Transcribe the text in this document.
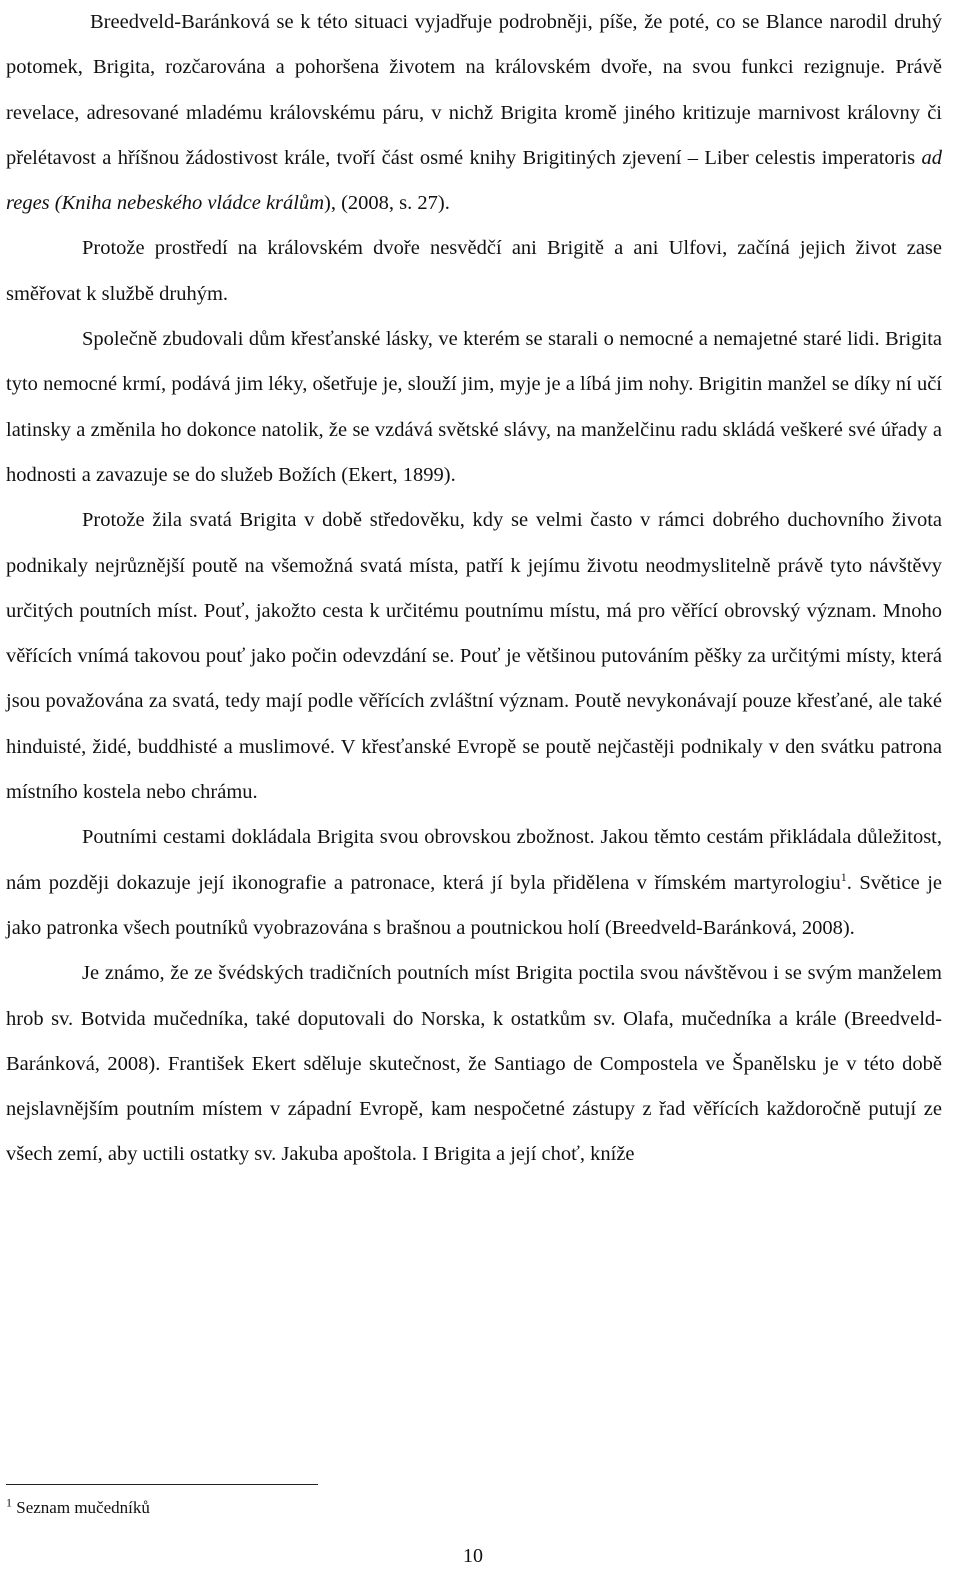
Breedveld-Baránková se k této situaci vyjadřuje podrobněji, píše, že poté, co se Blance narodil druhý potomek, Brigita, rozčarována a pohoršena životem na královském dvoře, na svou funkci rezignuje. Právě revelace, adresované mladému královskému páru, v nichž Brigita kromě jiného kritizuje marnivost královny či přelétavost a hříšnou žádostivost krále, tvoří část osmé knihy Brigitiných zjevení – Liber celestis imperatoris ad reges (Kniha nebeského vládce králům), (2008, s. 27).

Protože prostředí na královském dvoře nesvědčí ani Brigitě a ani Ulfovi, začíná jejich život zase směřovat k službě druhým.

Společně zbudovali dům křesťanské lásky, ve kterém se starali o nemocné a nemajetné staré lidi. Brigita tyto nemocné krmí, podává jim léky, ošetřuje je, slouží jim, myje je a líbá jim nohy. Brigitin manžel se díky ní učí latinsky a změnila ho dokonce natolik, že se vzdává světské slávy, na manželčinu radu skládá veškeré své úřady a hodnosti a zavazuje se do služeb Božích (Ekert, 1899).

Protože žila svatá Brigita v době středověku, kdy se velmi často v rámci dobrého duchovního života podnikaly nejrůznější poutě na všemožná svatá místa, patří k jejímu životu neodmyslitelně právě tyto návštěvy určitých poutních míst. Pouť, jakožto cesta k určitému poutnímu místu, má pro věřící obrovský význam. Mnoho věřících vnímá takovou pouť jako počin odevzdání se. Pouť je většinou putováním pěšky za určitými místy, která jsou považována za svatá, tedy mají podle věřících zvláštní význam. Poutě nevykonávají pouze křesťané, ale také hinduisté, židé, buddhisté a muslimové. V křesťanské Evropě se poutě nejčastěji podnikaly v den svátku patrona místního kostela nebo chrámu.

Poutními cestami dokládala Brigita svou obrovskou zbožnost. Jakou těmto cestám přikládala důležitost, nám později dokazuje její ikonografie a patronace, která jí byla přidělena v římském martyrologiu$^1$. Světice je jako patronka všech poutníků vyobrazována s brašnou a poutnickou holí (Breedveld-Baránková, 2008).

Je známo, že ze švédských tradičních poutních míst Brigita poctila svou návštěvou i se svým manželem hrob sv. Botvida mučedníka, také doputovali do Norska, k ostatkům sv. Olafa, mučedníka a krále (Breedveld-Baránková, 2008). František Ekert sděluje skutečnost, že Santiago de Compostela ve Španělsku je v této době nejslavnějším poutním místem v západní Evropě, kam nespočetné zástupy z řad věřících každoročně putují ze všech zemí, aby uctili ostatky sv. Jakuba apoštola. I Brigita a její choť, kníže

$^1$ Seznam mučedníků
10
